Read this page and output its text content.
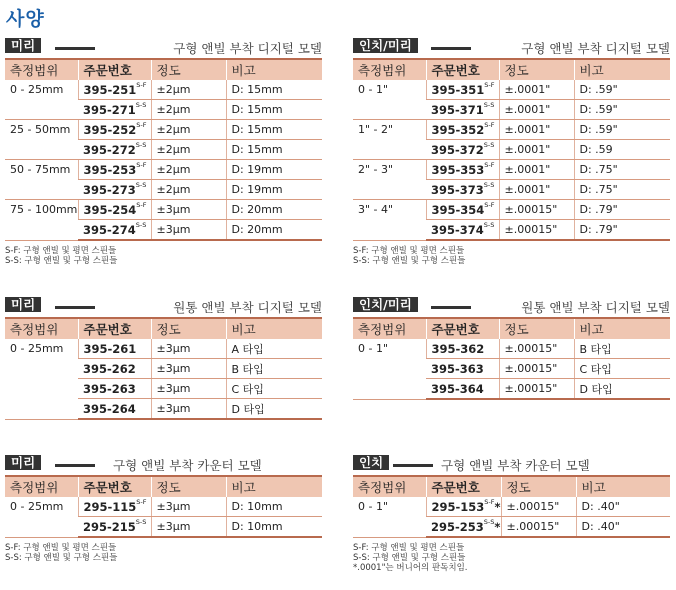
사양
미리	구형 앤빌 부착 디지털 모델
측정범위	주문번호	정도	비고
0 - 25mm	$395-251^{S-F}$	±2μm	D: 15mm
	$395-271^{S-S}$	±2μm	D: 15mm
25 - 50mm	$395-252^{S-F}$	±2μm	D: 15mm
	$395-272^{S-S}$	±2μm	D: 15mm
50 - 75mm	$395-253^{S-F}$	±2μm	D: 19mm
	$395-273^{S-S}$	±2μm	D: 19mm
75 - 100mm	$395-254^{S-F}$	±3μm	D: 20mm
	$395-274^{S-S}$	±3μm	D: 20mm
S-F: 구형 앤빌 및 평면 스핀들
S-S: 구형 앤빌 및 구형 스핀들
인치/미리	구형 앤빌 부착 디지털 모델
측정범위	주문번호	정도	비고
0 - 1"	$395-351^{S-F}$	±.0001"	D: .59"
	$395-371^{S-S}$	±.0001"	D: .59"
1" - 2"	$395-352^{S-F}$	±.0001"	D: .59"
	$395-372^{S-S}$	±.0001"	D: .59
2" - 3"	$395-353^{S-F}$	±.0001"	D: .75"
	$395-373^{S-S}$	±.0001"	D: .75"
3" - 4"	$395-354^{S-F}$	±.00015"	D: .79"
	$395-374^{S-S}$	±.00015"	D: .79"
S-F: 구형 앤빌 및 평면 스핀들
S-S: 구형 앤빌 및 구형 스핀들
미리	원통 앤빌 부착 디지털 모델
측정범위	주문번호	정도	비고
0 - 25mm	395-261	±3μm	A 타입
	395-262	±3μm	B 타입
	395-263	±3μm	C 타입
	395-264	±3μm	D 타입
인치/미리	원통 앤빌 부착 디지털 모델
측정범위	주문번호	정도	비고
0 - 1"	395-362	±.00015"	B 타입
	395-363	±.00015"	C 타입
	395-364	±.00015"	D 타입
미리	구형 앤빌 부착 카운터 모델
측정범위	주문번호	정도	비고
0 - 25mm	$295-115^{S-F}$	±3μm	D: 10mm
	$295-215^{S-S}$	±3μm	D: 10mm
S-F: 구형 앤빌 및 평면 스핀들
S-S: 구형 앤빌 및 구형 스핀들
인치	구형 앤빌 부착 카운터 모델
측정범위	주문번호	정도	비고
0 - 1"	$295-153^{S-F}*$	±.00015"	D: .40"
	$295-253^{S-S}*$	±.00015"	D: .40"
S-F: 구형 앤빌 및 평면 스핀들
S-S: 구형 앤빌 및 구형 스핀들
*.0001"는 버니어의 판독치임.
